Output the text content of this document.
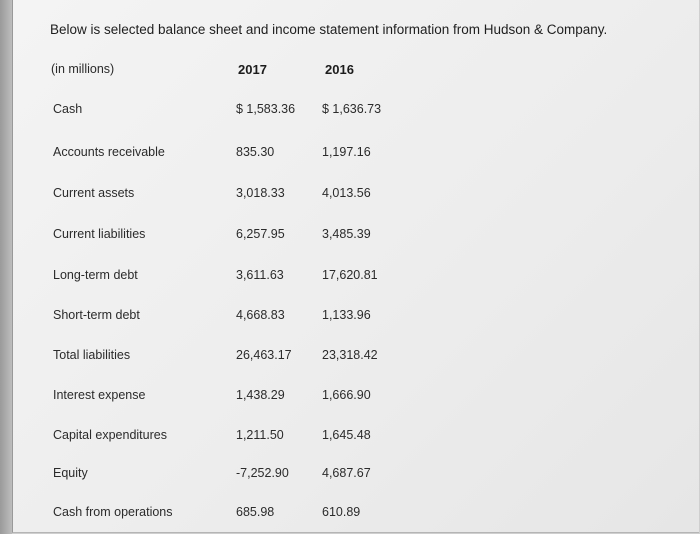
Below is selected balance sheet and income statement information from Hudson & Company.
(in millions)	2017	2016
Cash	$ 1,583.36 $ 1,636.73
Accounts receivable	835.30	1,197.16
Current assets	3,018.33	4,013.56
Current liabilities	6,257.95	3,485.39
Long-term debt	3,611.63	17,620.81
Short-term debt	4,668.83	1,133.96
Total liabilities	26,463.17 23,318.42
Interest expense	1,438.29	1,666.90
Capital expenditures	1,211.50	1,645.48
Equity	-7,252.90	4,687.67
Cash from operations	685.98	610.89
